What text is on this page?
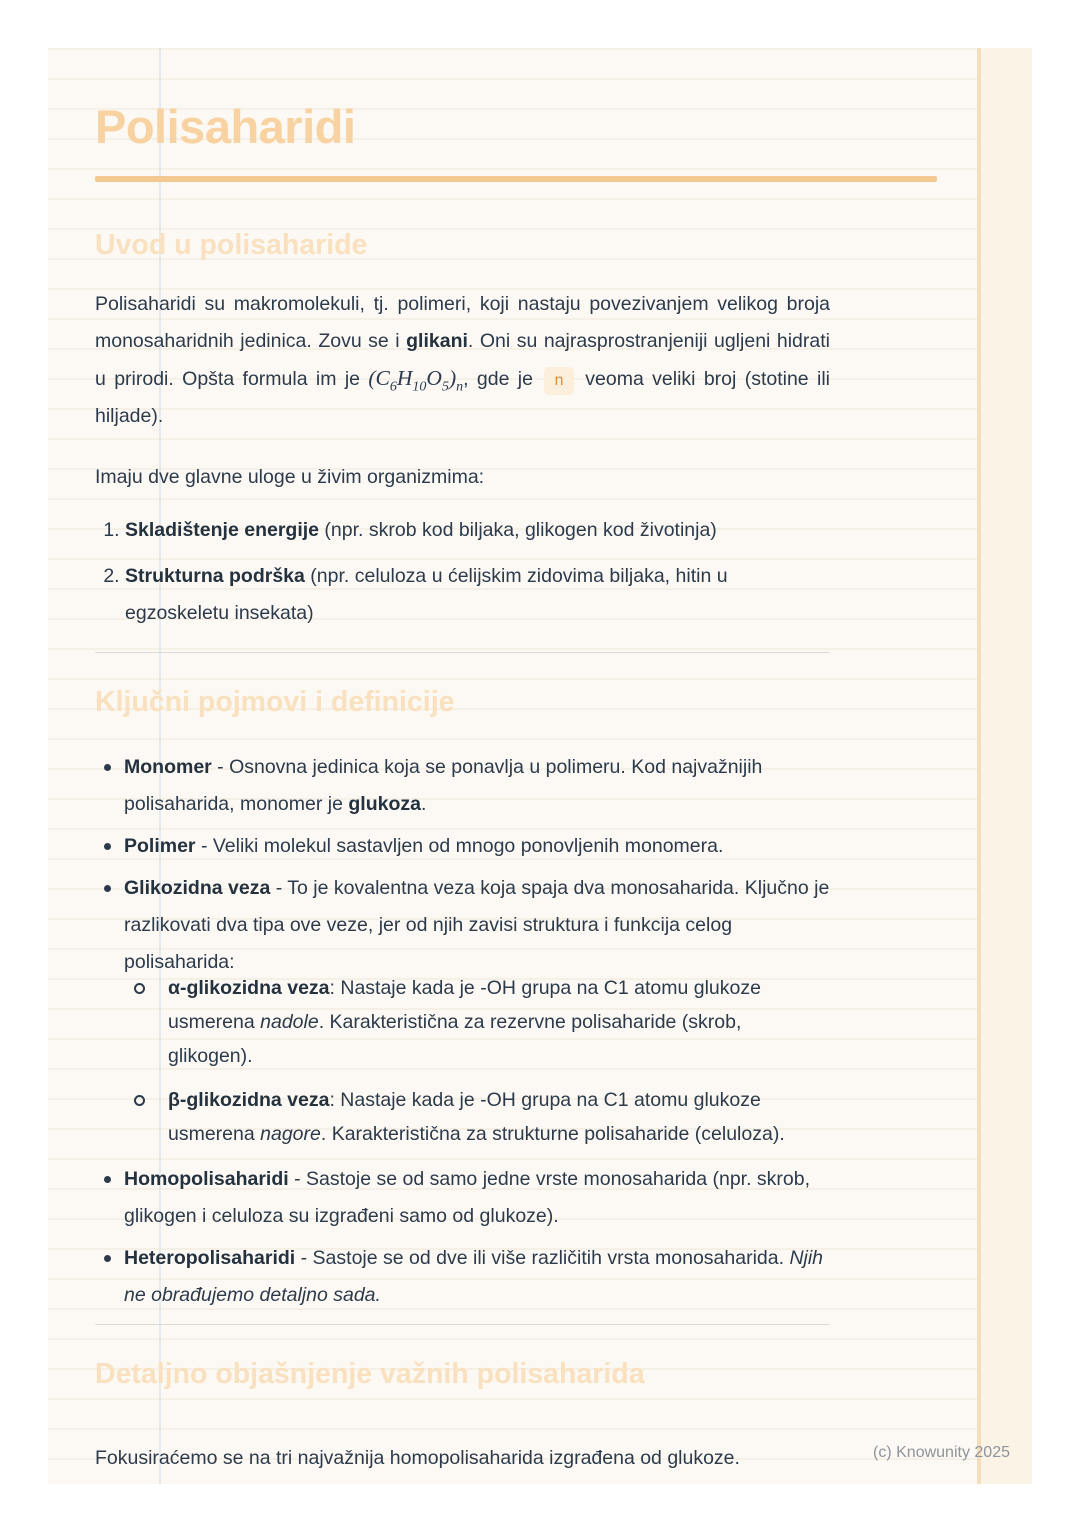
Polisaharidi
Uvod u polisaharide

Polisaharidi su makromolekuli, tj. polimeri, koji nastaju povezivanjem velikog broja monosaharidnih jedinica. Zovu se i glikani. Oni su najrasprostranjeniji ugljeni hidrati u prirodi. Opšta formula im je $(C_6H_{10}O_5)_n$, gde je n veoma veliki broj (stotine ili hiljade).

Imaju dve glavne uloge u živim organizmima:

1. Skladištenje energije (npr. skrob kod biljaka, glikogen kod životinja)
2. Strukturna podrška (npr. celuloza u ćelijskim zidovima biljaka, hitin u egzoskeletu insekata)
Ključni pojmovi i definicije
Monomer - Osnovna jedinica koja se ponavlja u polimeru. Kod najvažnijih polisaharida, monomer je glukoza.
Polimer - Veliki molekul sastavljen od mnogo ponovljenih monomera.
Glikozidna veza - To je kovalentna veza koja spaja dva monosaharida. Ključno je razlikovati dva tipa ove veze, jer od njih zavisi struktura i funkcija celog polisaharida:
α-glikozidna veza: Nastaje kada je -OH grupa na C1 atomu glukoze usmerena nadole. Karakteristična za rezervne polisaharide (skrob, glikogen).
β-glikozidna veza: Nastaje kada je -OH grupa na C1 atomu glukoze usmerena nagore. Karakteristična za strukturne polisaharide (celuloza).
Homopolisaharidi - Sastoje se od samo jedne vrste monosaharida (npr. skrob, glikogen i celuloza su izgrađeni samo od glukoze).
Heteropolisaharidi - Sastoje se od dve ili više različitih vrsta monosaharida. Njih ne obrađujemo detaljno sada.
Detaljno objašnjenje važnih polisaharida

Fokusiraćemo se na tri najvažnija homopolisaharida izgrađena od glukoze.	(c) Knowunity 2025
